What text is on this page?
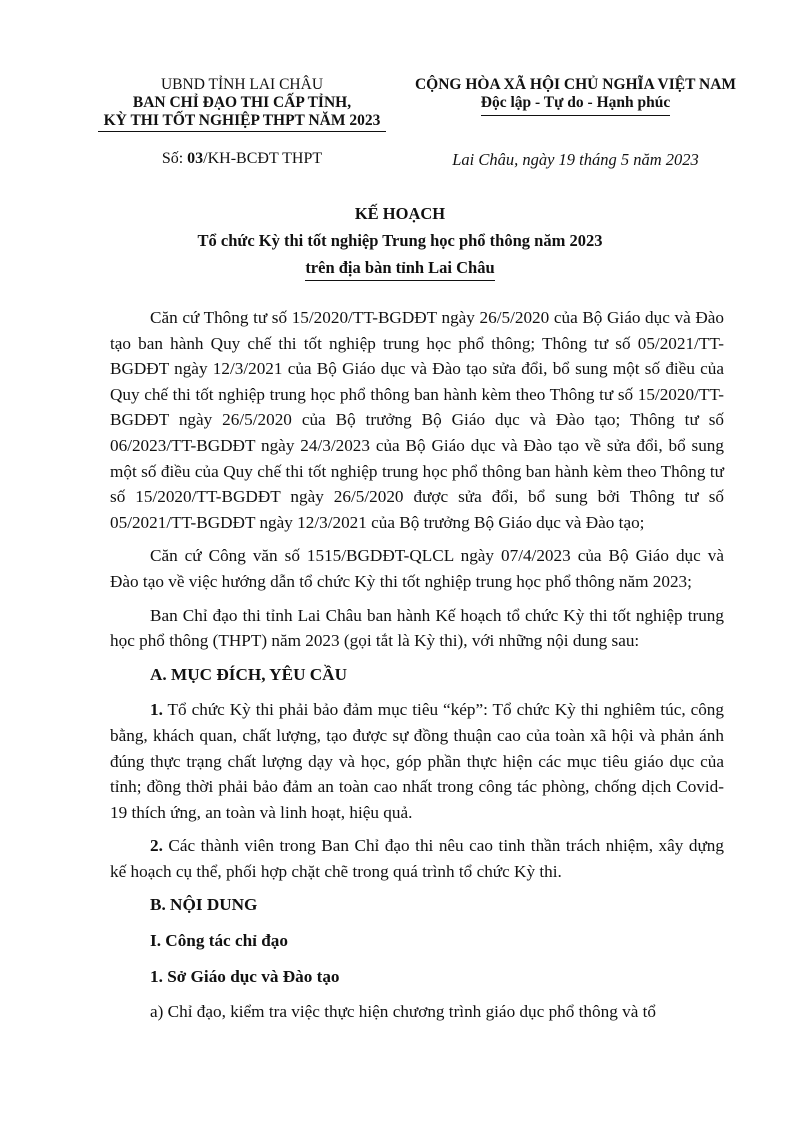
UBND TỈNH LAI CHÂU
BAN CHỈ ĐẠO THI CẤP TỈNH,
KỲ THI TỐT NGHIỆP THPT NĂM 2023
CỘNG HÒA XÃ HỘI CHỦ NGHĨA VIỆT NAM
Độc lập - Tự do - Hạnh phúc
Số: 03/KH-BCĐT THPT	Lai Châu, ngày 19 tháng 5 năm 2023
KẾ HOẠCH
Tổ chức Kỳ thi tốt nghiệp Trung học phổ thông năm 2023
trên địa bàn tỉnh Lai Châu

Căn cứ Thông tư số 15/2020/TT-BGDĐT ngày 26/5/2020 của Bộ Giáo dục và Đào tạo ban hành Quy chế thi tốt nghiệp trung học phổ thông; Thông tư số 05/2021/TT-BGDĐT ngày 12/3/2021 của Bộ Giáo dục và Đào tạo sửa đổi, bổ sung một số điều của Quy chế thi tốt nghiệp trung học phổ thông ban hành kèm theo Thông tư số 15/2020/TT-BGDĐT ngày 26/5/2020 của Bộ trưởng Bộ Giáo dục và Đào tạo; Thông tư số 06/2023/TT-BGDĐT ngày 24/3/2023 của Bộ Giáo dục và Đào tạo về sửa đổi, bổ sung một số điều của Quy chế thi tốt nghiệp trung học phổ thông ban hành kèm theo Thông tư số 15/2020/TT-BGDĐT ngày 26/5/2020 được sửa đổi, bổ sung bởi Thông tư số 05/2021/TT-BGDĐT ngày 12/3/2021 của Bộ trưởng Bộ Giáo dục và Đào tạo;

Căn cứ Công văn số 1515/BGDĐT-QLCL ngày 07/4/2023 của Bộ Giáo dục và Đào tạo về việc hướng dẫn tổ chức Kỳ thi tốt nghiệp trung học phổ thông năm 2023;

Ban Chỉ đạo thi tỉnh Lai Châu ban hành Kế hoạch tổ chức Kỳ thi tốt nghiệp trung học phổ thông (THPT) năm 2023 (gọi tắt là Kỳ thi), với những nội dung sau:

A. MỤC ĐÍCH, YÊU CẦU

1. Tổ chức Kỳ thi phải bảo đảm mục tiêu “kép”: Tổ chức Kỳ thi nghiêm túc, công bằng, khách quan, chất lượng, tạo được sự đồng thuận cao của toàn xã hội và phản ánh đúng thực trạng chất lượng dạy và học, góp phần thực hiện các mục tiêu giáo dục của tỉnh; đồng thời phải bảo đảm an toàn cao nhất trong công tác phòng, chống dịch Covid-19 thích ứng, an toàn và linh hoạt, hiệu quả.

2. Các thành viên trong Ban Chỉ đạo thi nêu cao tinh thần trách nhiệm, xây dựng kế hoạch cụ thể, phối hợp chặt chẽ trong quá trình tổ chức Kỳ thi.

B. NỘI DUNG
I. Công tác chỉ đạo
1. Sở Giáo dục và Đào tạo

a) Chỉ đạo, kiểm tra việc thực hiện chương trình giáo dục phổ thông và tổ
